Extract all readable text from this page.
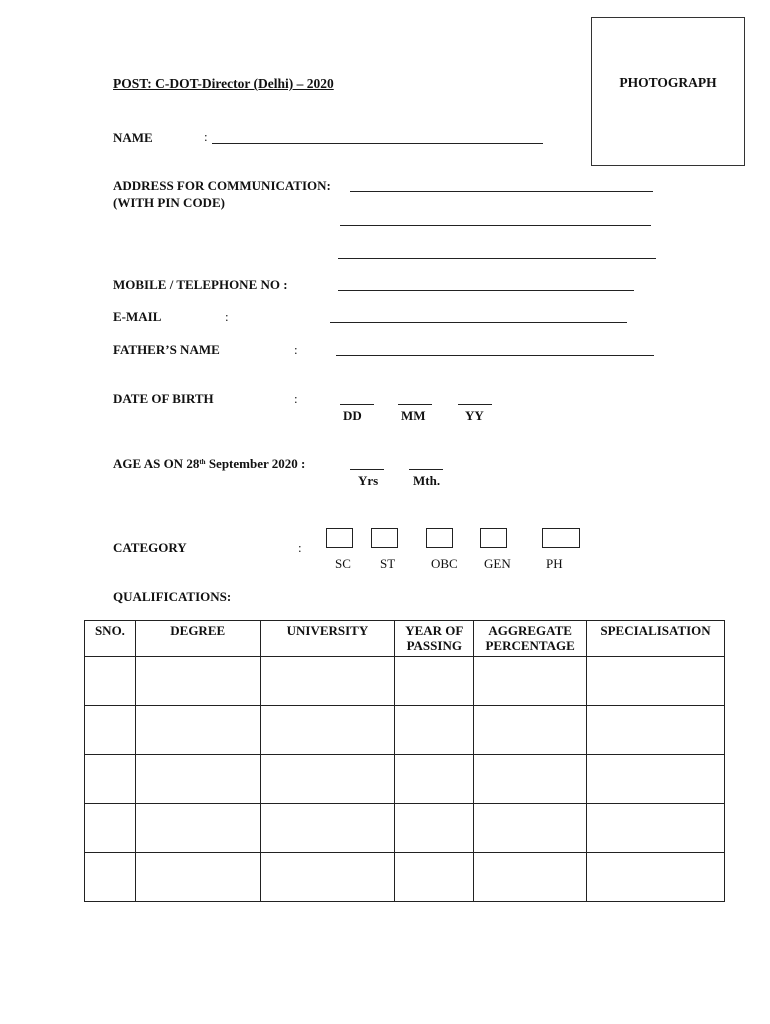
PHOTOGRAPH
POST: C-DOT-Director (Delhi) – 2020
NAME	:
ADDRESS FOR COMMUNICATION:
(WITH PIN CODE)
MOBILE / TELEPHONE NO :
E-MAIL	:
FATHER’S NAME	:
DATE OF BIRTH	:
DD	MM	YY
AGE AS ON 28th September 2020 :
Yrs	Mth.
CATEGORY	:
SC ST	OBC GEN	PH
QUALIFICATIONS:
SNO.	DEGREE	UNIVERSITY	YEAR OF PASSING	AGGREGATE PERCENTAGE	SPECIALISATION
